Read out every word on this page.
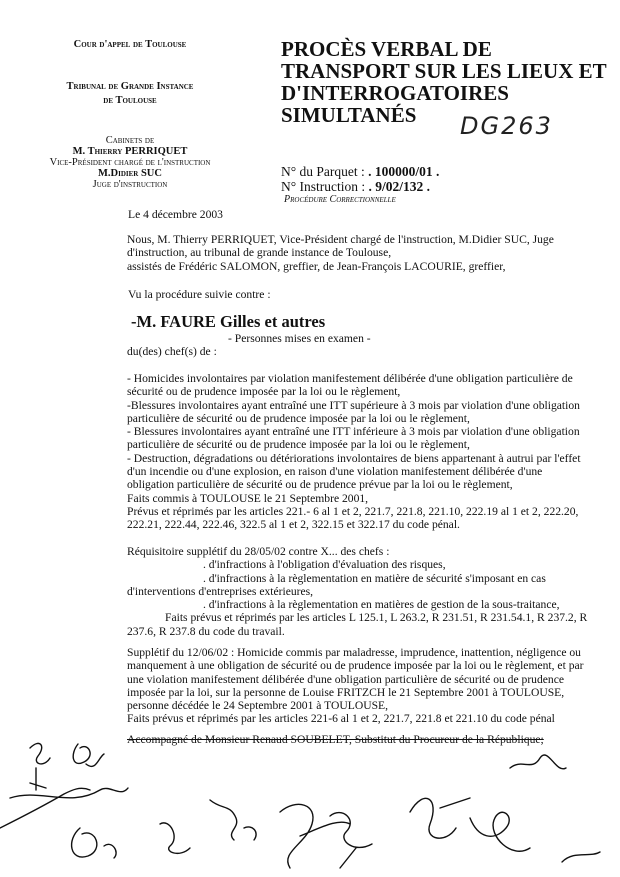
Cour d'appel de Toulouse
Tribunal de Grande Instance
de Toulouse
Cabinets de
M. Thierry PERRIQUET
Vice-Président chargé de l'instruction
M.Didier SUC
Juge d'instruction
PROCÈS VERBAL DE
TRANSPORT SUR LES LIEUX ET
D'INTERROGATOIRES
SIMULTANÉS	DG263
N° du Parquet : . 100000/01 .
N° Instruction : . 9/02/132 .
Procédure Correctionnelle
Le 4 décembre 2003
Nous, M. Thierry PERRIQUET, Vice-Président chargé de l'instruction, M.Didier SUC, Juge
d'instruction, au tribunal de grande instance de Toulouse,
assistés de Frédéric SALOMON, greffier, de Jean-François LACOURIE, greffier,
Vu la procédure suivie contre :
-M. FAURE Gilles et autres
- Personnes mises en examen -
du(des) chef(s) de :
- Homicides involontaires par violation manifestement délibérée d'une obligation particulière de
sécurité ou de prudence imposée par la loi ou le règlement,
-Blessures involontaires ayant entraîné une ITT supérieure à 3 mois par violation d'une obligation
particulière de sécurité ou de prudence imposée par la loi ou le règlement,
- Blessures involontaires ayant entraîné une ITT inférieure à 3 mois par violation d'une obligation
particulière de sécurité ou de prudence imposée par la loi ou le règlement,
- Destruction, dégradations ou détériorations involontaires de biens appartenant à autrui par l'effet
d'un incendie ou d'une explosion, en raison d'une violation manifestement délibérée d'une
obligation particulière de sécurité ou de prudence prévue par la loi ou le règlement,
Faits commis à TOULOUSE le 21 Septembre 2001,
Prévus et réprimés par les articles 221.- 6 al 1 et 2, 221.7, 221.8, 221.10, 222.19 al 1 et 2, 222.20,
222.21, 222.44, 222.46, 322.5 al 1 et 2, 322.15 et 322.17 du code pénal.
Réquisitoire supplétif du 28/05/02 contre X... des chefs :
. d'infractions à l'obligation d'évaluation des risques,
. d'infractions à la règlementation en matière de sécurité s'imposant en cas
d'interventions d'entreprises extérieures,
. d'infractions à la règlementation en matières de gestion de la sous-traitance,
Faits prévus et réprimés par les articles L 125.1, L 263.2, R 231.51, R 231.54.1, R 237.2, R
237.6, R 237.8 du code du travail.
Supplétif du 12/06/02 : Homicide commis par maladresse, imprudence, inattention, négligence ou
manquement à une obligation de sécurité ou de prudence imposée par la loi ou le règlement, et par
une violation manifestement délibérée d'une obligation particulière de sécurité ou de prudence
imposée par la loi, sur la personne de Louise FRITZCH le 21 Septembre 2001 à TOULOUSE,
personne décédée le 24 Septembre 2001 à TOULOUSE,
Faits prévus et réprimés par les articles 221-6 al 1 et 2, 221.7, 221.8 et 221.10 du code pénal
Accompagné de Monsieur Renaud SOUBELET, Substitut du Procureur de la République;
